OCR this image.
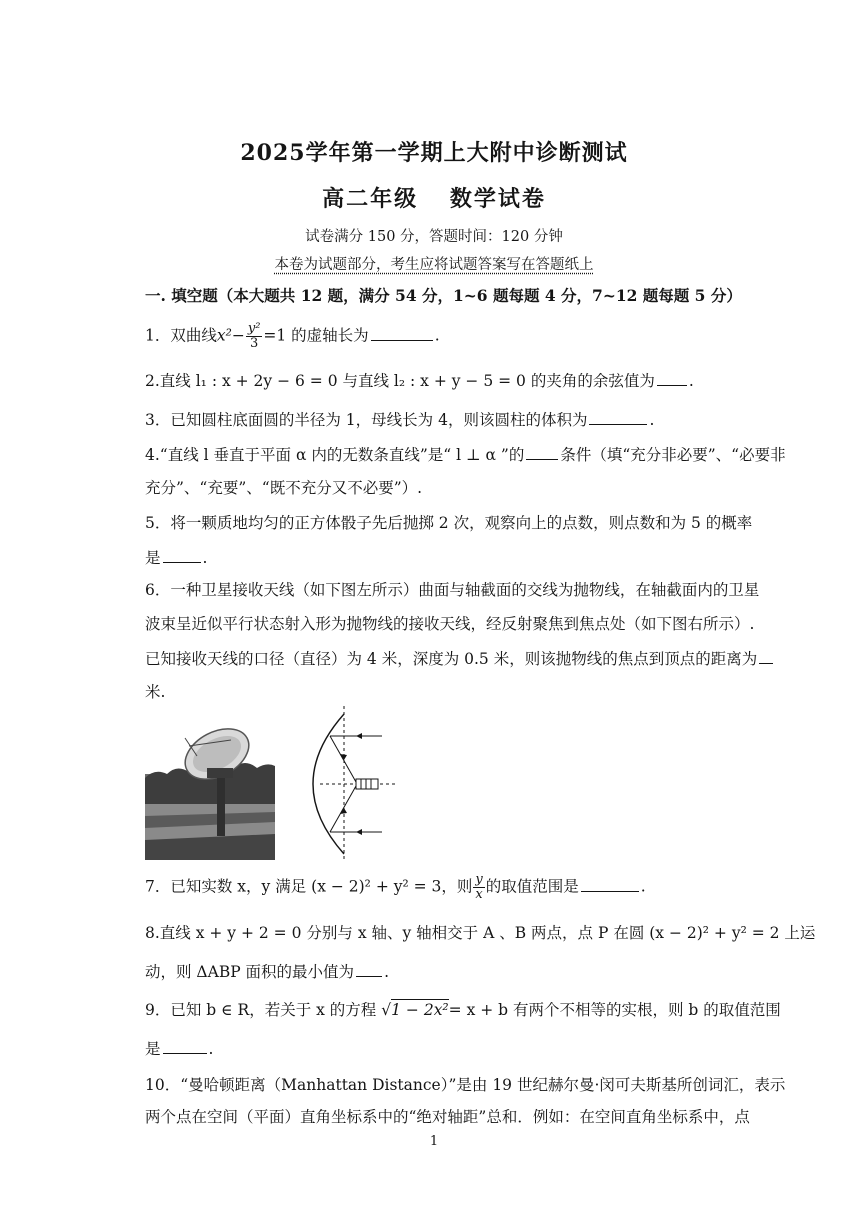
2025学年第一学期上大附中诊断测试
高二年级 数学试卷
试卷满分 150 分，答题时间：120 分钟
本卷为试题部分，考生应将试题答案写在答题纸上
一. 填空题（本大题共 12 题，满分 54 分，1~6 题每题 4 分，7~12 题每题 5 分）
1．双曲线$x^2- \frac{\text{y²}}{3} =1$ 的虚轴长为	.
2.直线 l₁ : x + 2y − 6 = 0 与直线 l₂ : x + y − 5 = 0 的夹角的余弦值为 .
3．已知圆柱底面圆的半径为 1，母线长为 4，则该圆柱的体积为	.
4.“直线 l 垂直于平面 α 内的无数条直线”是“ l ⊥ α ”的 条件（填“充分非必要”、“必要非
充分”、“充要”、“既不充分又不必要”）.
5．将一颗质地均匀的正方体骰子先后抛掷 2 次，观察向上的点数，则点数和为 5 的概率
是	.
6．一种卫星接收天线（如下图左所示）曲面与轴截面的交线为抛物线，在轴截面内的卫星
波束呈近似平行状态射入形为抛物线的接收天线，经反射聚焦到焦点处（如下图右所示）.
已知接收天线的口径（直径）为 4 米，深度为 0.5 米，则该抛物线的焦点到顶点的距离为
米.
7．已知实数 x，y 满足 (x − 2)² + y² = 3，则 $\frac{y}{x}$ 的取值范围是	.
8.直线 x + y + 2 = 0 分别与 x 轴、y 轴相交于 A 、B 两点，点 P 在圆 (x − 2)² + y² = 2 上运
动，则 ΔABP 面积的最小值为 .
9．已知 b ∈ R，若关于 x 的方程 √1 − 2x²= x + b 有两个不相等的实根，则 b 的取值范围
是	.
10．“曼哈顿距离（Manhattan Distance）”是由 19 世纪赫尔曼·闵可夫斯基所创词汇，表示
两个点在空间（平面）直角坐标系中的“绝对轴距”总和．例如：在空间直角坐标系中，点
1
